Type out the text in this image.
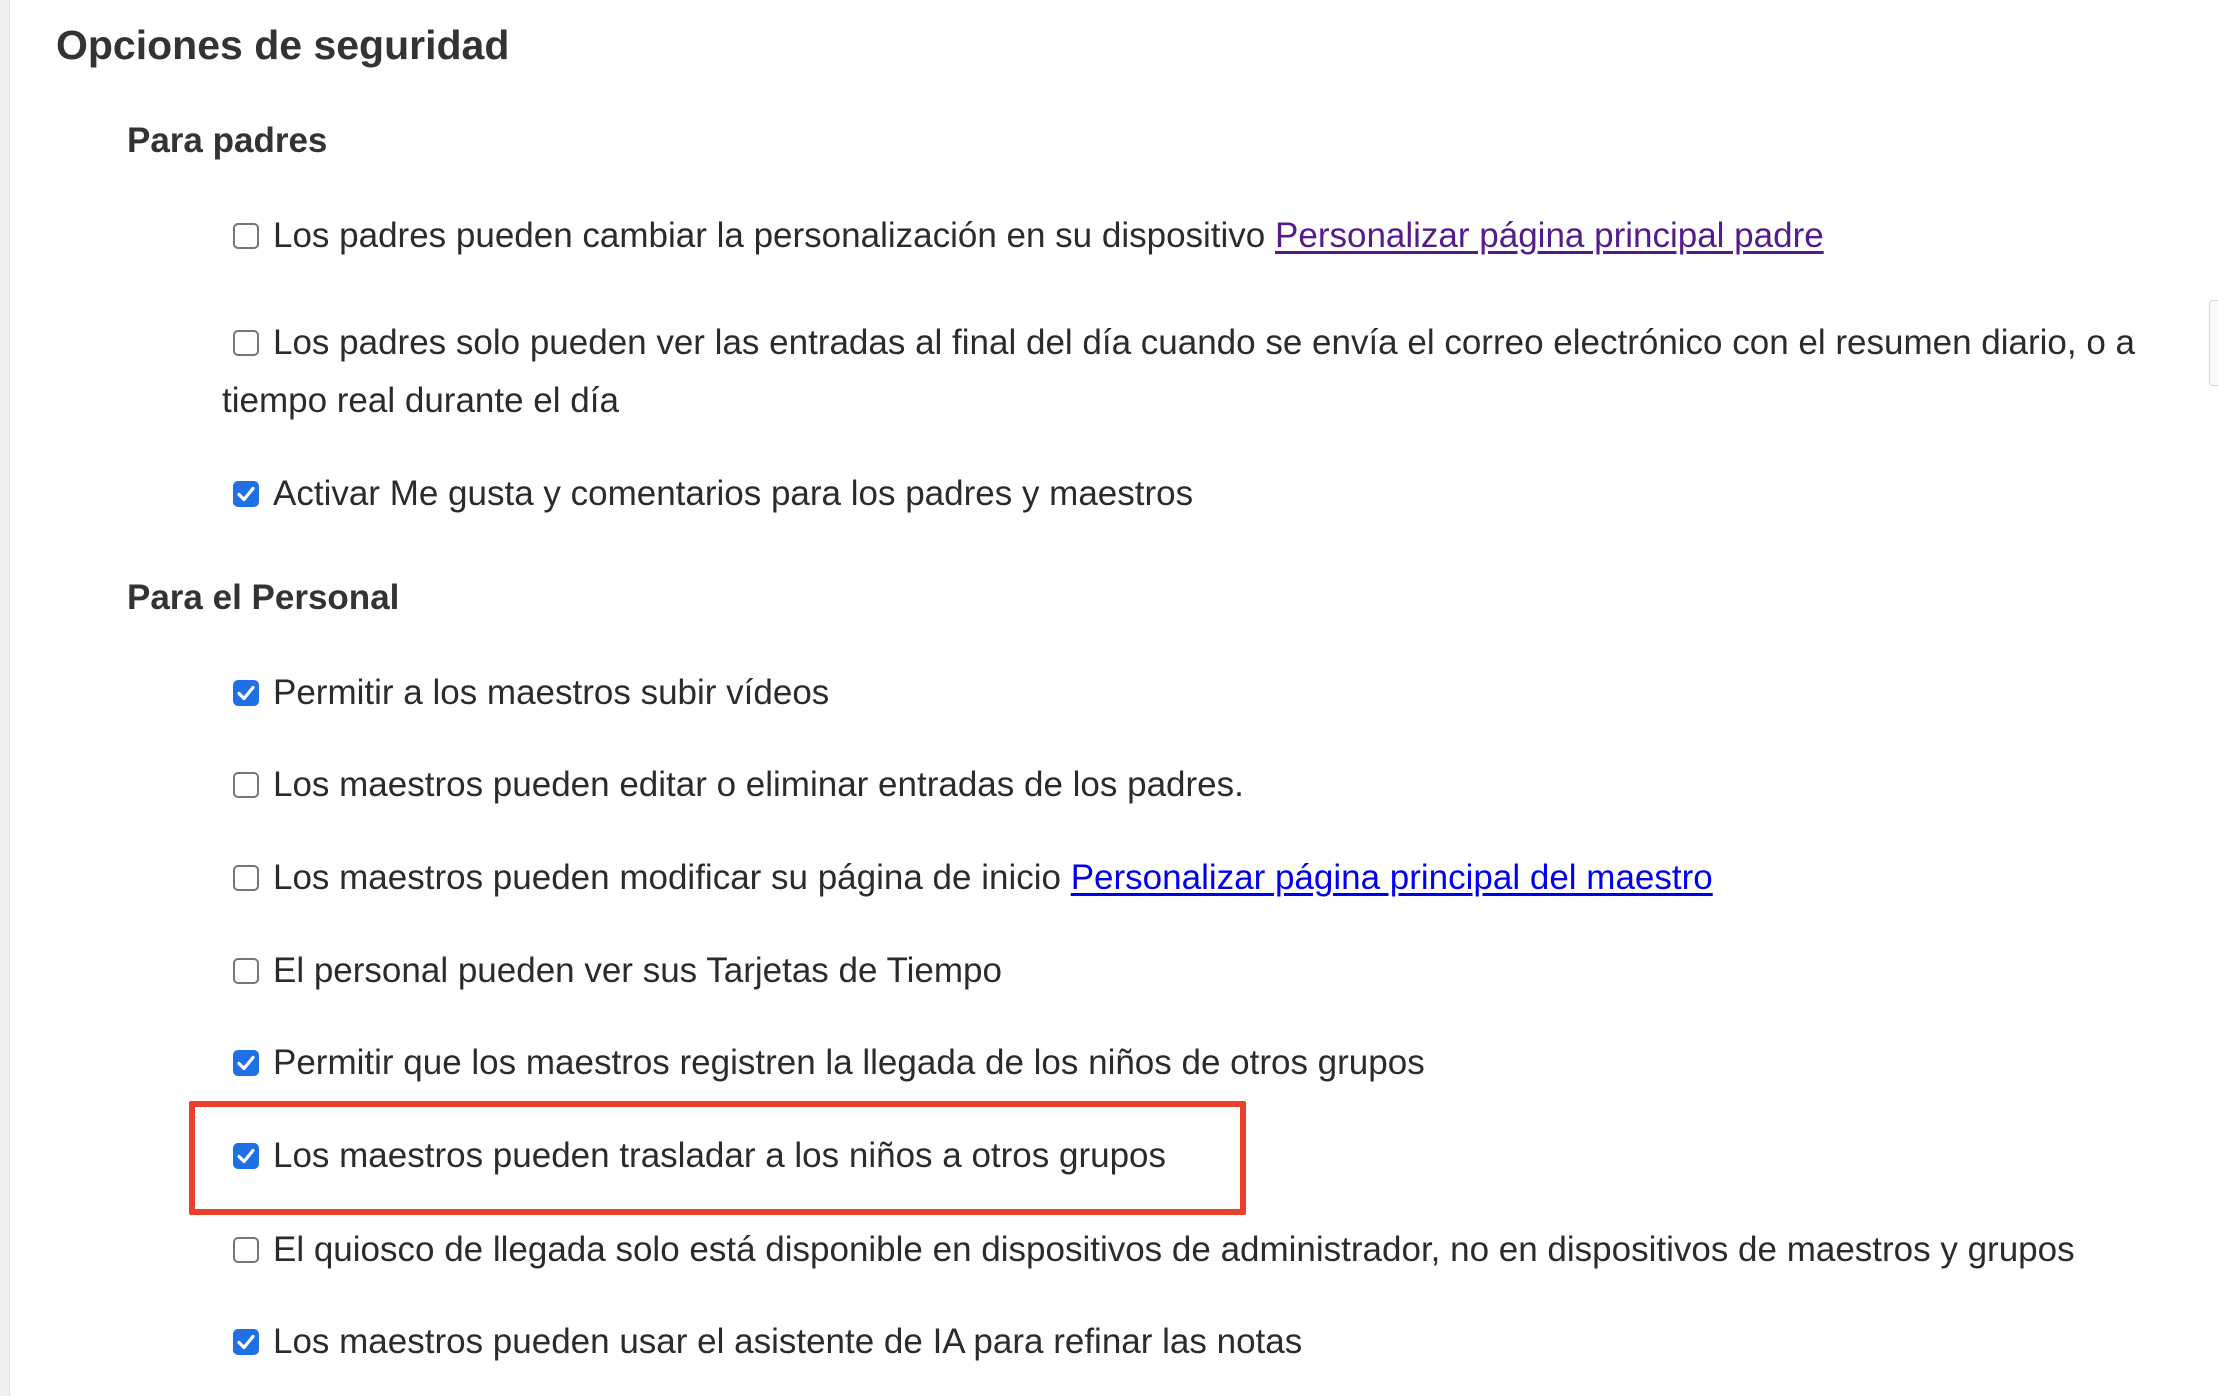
Opciones de seguridad
Para padres
Los padres pueden cambiar la personalización en su dispositivo Personalizar página principal padre
Los padres solo pueden ver las entradas al final del día cuando se envía el correo electrónico con el resumen diario, o a tiempo real durante el día
Activar Me gusta y comentarios para los padres y maestros
Para el Personal
Permitir a los maestros subir vídeos
Los maestros pueden editar o eliminar entradas de los padres.
Los maestros pueden modificar su página de inicio Personalizar página principal del maestro
El personal pueden ver sus Tarjetas de Tiempo
Permitir que los maestros registren la llegada de los niños de otros grupos
Los maestros pueden trasladar a los niños a otros grupos
El quiosco de llegada solo está disponible en dispositivos de administrador, no en dispositivos de maestros y grupos
Los maestros pueden usar el asistente de IA para refinar las notas
